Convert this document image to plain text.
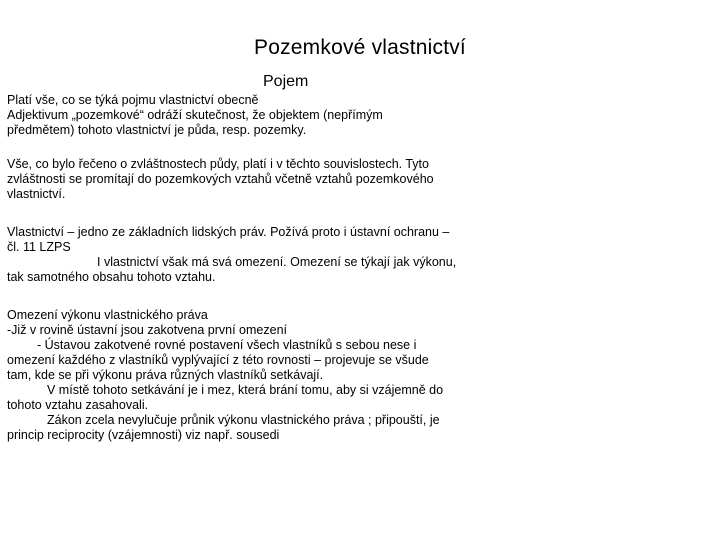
Pozemkové vlastnictví
Pojem
Platí vše, co se týká pojmu vlastnictví obecně
Adjektivum „pozemkové“ odráží skutečnost, že objektem (nepřímým
předmětem) tohoto vlastnictví je půda, resp. pozemky.
Vše, co bylo řečeno o zvláštnostech půdy, platí i v těchto souvislostech. Tyto
zvláštnosti se promítají do pozemkových vztahů včetně vztahů pozemkového
vlastnictví.
Vlastnictví – jedno ze základních lidských práv. Požívá proto i ústavní ochranu –
čl. 11 LZPS
I vlastnictví však má svá omezení. Omezení se týkají jak výkonu,
tak samotného obsahu tohoto vztahu.
Omezení výkonu vlastnického práva
-Již v rovině ústavní jsou zakotvena první omezení
- Ústavou zakotvené rovné postavení všech vlastníků s sebou nese i
omezení každého z vlastníků vyplývající z této rovnosti – projevuje se všude
tam, kde se při výkonu práva různých vlastníků setkávají.
V místě tohoto setkávání je i mez, která brání tomu, aby si vzájemně do
tohoto vztahu zasahovali.
Zákon zcela nevylučuje průnik výkonu vlastnického práva ; připouští, je
princip reciprocity (vzájemnosti) viz např. sousedi
